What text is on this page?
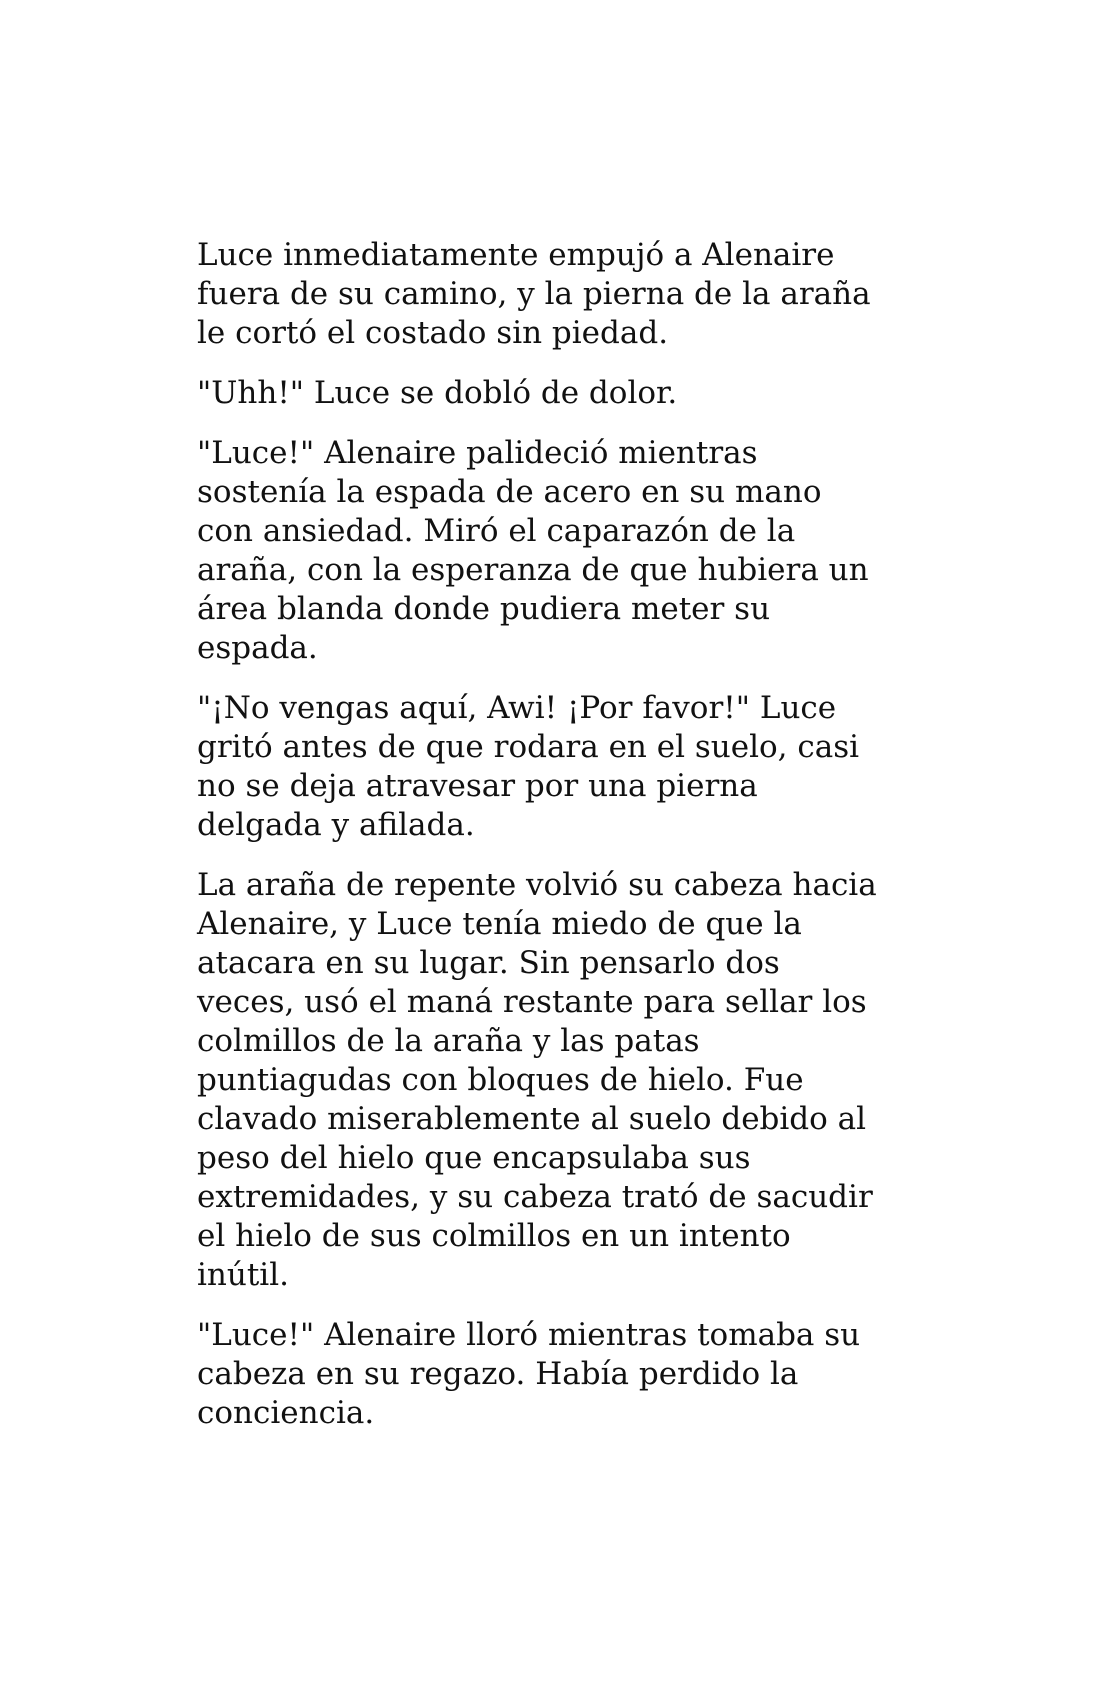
Luce inmediatamente empujó a Alenaire
fuera de su camino, y la pierna de la araña
le cortó el costado sin piedad.

"Uhh!" Luce se dobló de dolor.

"Luce!" Alenaire palideció mientras
sostenía la espada de acero en su mano
con ansiedad. Miró el caparazón de la
araña, con la esperanza de que hubiera un
área blanda donde pudiera meter su
espada.

"¡No vengas aquí, Awi! ¡Por favor!" Luce
gritó antes de que rodara en el suelo, casi
no se deja atravesar por una pierna
delgada y afilada.

La araña de repente volvió su cabeza hacia
Alenaire, y Luce tenía miedo de que la
atacara en su lugar. Sin pensarlo dos
veces, usó el maná restante para sellar los
colmillos de la araña y las patas
puntiagudas con bloques de hielo. Fue
clavado miserablemente al suelo debido al
peso del hielo que encapsulaba sus
extremidades, y su cabeza trató de sacudir
el hielo de sus colmillos en un intento
inútil.

"Luce!" Alenaire lloró mientras tomaba su
cabeza en su regazo. Había perdido la
conciencia.
